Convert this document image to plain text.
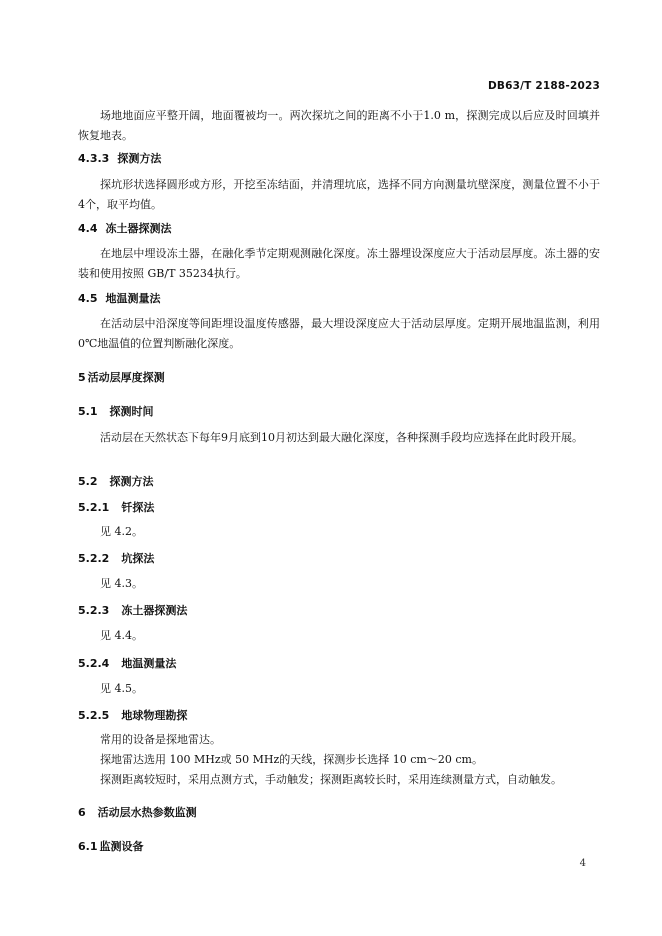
DB63/T 2188-2023
场地地面应平整开阔，地面覆被均一。两次探坑之间的距离不小于1.0 m，探测完成以后应及时回填并恢复地表。
4.3.3 探测方法
探坑形状选择圆形或方形，开挖至冻结面，并清理坑底，选择不同方向测量坑壁深度，测量位置不小于4个，取平均值。
4.4 冻土器探测法
在地层中埋设冻土器，在融化季节定期观测融化深度。冻土器埋设深度应大于活动层厚度。冻土器的安装和使用按照 GB/T 35234执行。
4.5 地温测量法
在活动层中沿深度等间距埋设温度传感器，最大埋设深度应大于活动层厚度。定期开展地温监测，利用0℃地温值的位置判断融化深度。
5 活动层厚度探测
5.1 探测时间
活动层在天然状态下每年9月底到10月初达到最大融化深度，各种探测手段均应选择在此时段开展。
5.2 探测方法
5.2.1 钎探法
见 4.2。
5.2.2 坑探法
见 4.3。
5.2.3 冻土器探测法
见 4.4。
5.2.4 地温测量法
见 4.5。
5.2.5 地球物理勘探
常用的设备是探地雷达。
探地雷达选用 100 MHz或 50 MHz的天线，探测步长选择 10 cm～20 cm。
探测距离较短时，采用点测方式，手动触发；探测距离较长时，采用连续测量方式，自动触发。
6 活动层水热参数监测
6.1 监测设备
4
